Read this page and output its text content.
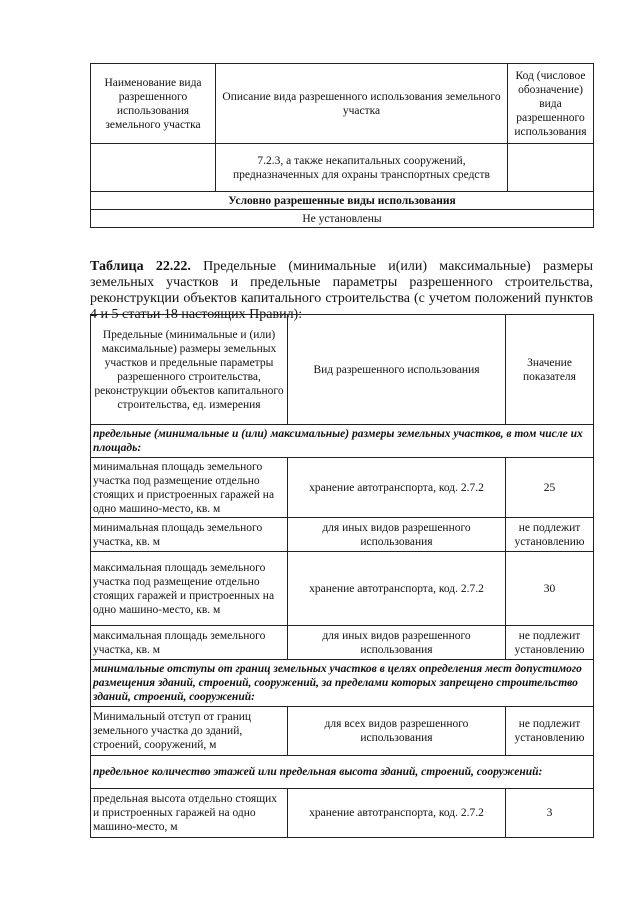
Наименование вида разрешенного использования земельного участка	Описание вида разрешенного использования земельного участка	Код (числовое обозначение) вида разрешенного использования
	7.2.3, а также некапитальных сооружений, предназначенных для охраны транспортных средств	
Условно разрешенные виды использования		
Не установлены		

Таблица 22.22. Предельные (минимальные и(или) максимальные) размеры земельных участков и предельные параметры разрешенного строительства, реконструкции объектов капитального строительства (с учетом положений пунктов 4 и 5 статьи 18 настоящих Правил):

Предельные (минимальные и (или) максимальные) размеры земельных участков и предельные параметры разрешенного строительства, реконструкции объектов капитального строительства, ед. измерения	Вид разрешенного использования	Значение показателя
предельные (минимальные и (или) максимальные) размеры земельных участков, в том числе их площадь:		
минимальная площадь земельного участка под размещение отдельно стоящих и пристроенных гаражей на одно машино-место, кв. м	хранение автотранспорта, код. 2.7.2	25
минимальная площадь земельного участка, кв. м	для иных видов разрешенного использования	не подлежит установлению
максимальная площадь земельного участка под размещение отдельно стоящих гаражей и пристроенных на одно машино-место, кв. м	хранение автотранспорта, код. 2.7.2	30
максимальная площадь земельного участка, кв. м	для иных видов разрешенного использования	не подлежит установлению
минимальные отступы от границ земельных участков в целях определения мест допустимого размещения зданий, строений, сооружений, за пределами которых запрещено строительство зданий, строений, сооружений:		
Минимальный отступ от границ земельного участка до зданий, строений, сооружений, м	для всех видов разрешенного использования	не подлежит установлению
предельное количество этажей или предельная высота зданий, строений, сооружений:		
предельная высота отдельно стоящих и пристроенных гаражей на одно машино-место, м	хранение автотранспорта, код. 2.7.2	3
